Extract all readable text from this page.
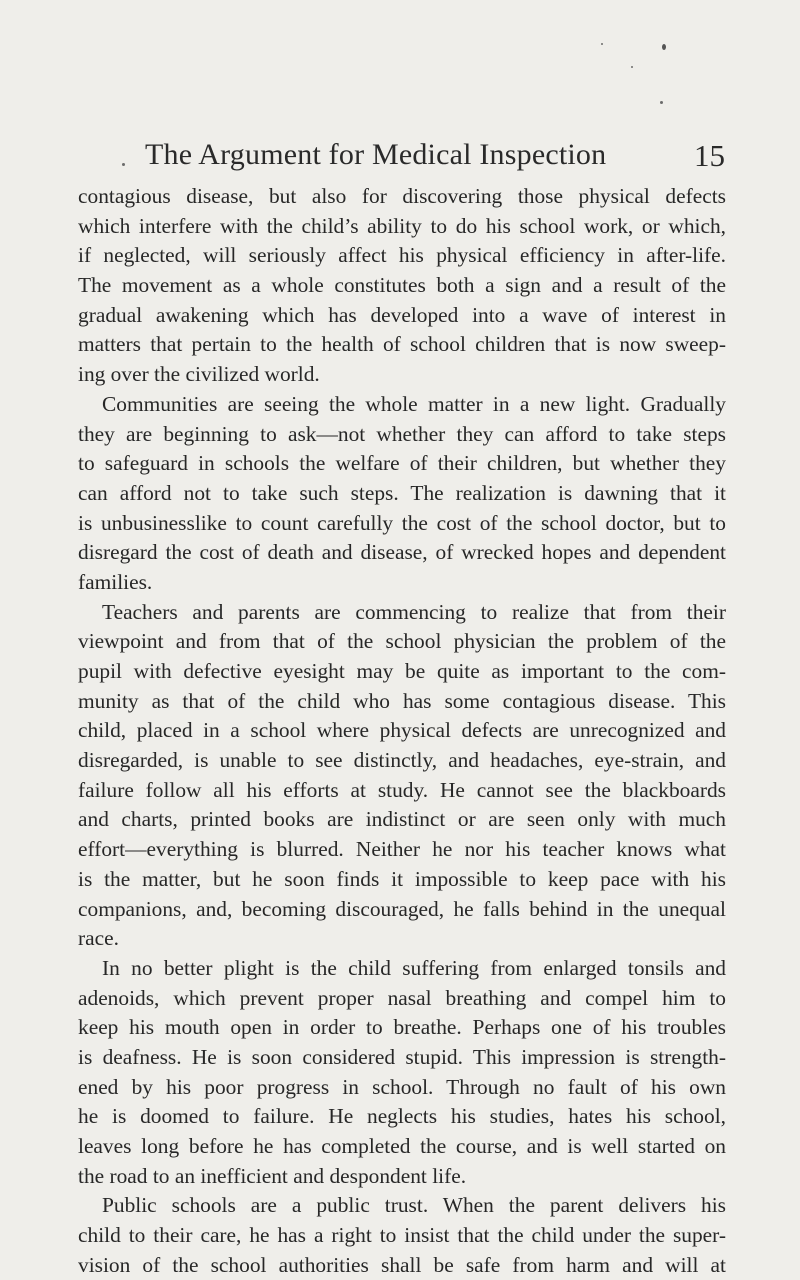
The Argument for Medical Inspection	15
contagious disease, but also for discovering those physical defects
which interfere with the child’s ability to do his school work, or which,
if neglected, will seriously affect his physical efficiency in after-life.
The movement as a whole constitutes both a sign and a result of the
gradual awakening which has developed into a wave of interest in
matters that pertain to the health of school children that is now sweep-
ing over the civilized world.
Communities are seeing the whole matter in a new light. Gradually
they are beginning to ask—not whether they can afford to take steps
to safeguard in schools the welfare of their children, but whether they
can afford not to take such steps. The realization is dawning that it
is unbusinesslike to count carefully the cost of the school doctor, but to
disregard the cost of death and disease, of wrecked hopes and dependent
families.
Teachers and parents are commencing to realize that from their
viewpoint and from that of the school physician the problem of the
pupil with defective eyesight may be quite as important to the com-
munity as that of the child who has some contagious disease. This
child, placed in a school where physical defects are unrecognized and
disregarded, is unable to see distinctly, and headaches, eye-strain, and
failure follow all his efforts at study. He cannot see the blackboards
and charts, printed books are indistinct or are seen only with much
effort—everything is blurred. Neither he nor his teacher knows what
is the matter, but he soon finds it impossible to keep pace with his
companions, and, becoming discouraged, he falls behind in the unequal
race.
In no better plight is the child suffering from enlarged tonsils and
adenoids, which prevent proper nasal breathing and compel him to
keep his mouth open in order to breathe. Perhaps one of his troubles
is deafness. He is soon considered stupid. This impression is strength-
ened by his poor progress in school. Through no fault of his own
he is doomed to failure. He neglects his studies, hates his school,
leaves long before he has completed the course, and is well started on
the road to an inefficient and despondent life.
Public schools are a public trust. When the parent delivers his
child to their care, he has a right to insist that the child under the super-
vision of the school authorities shall be safe from harm and will at
